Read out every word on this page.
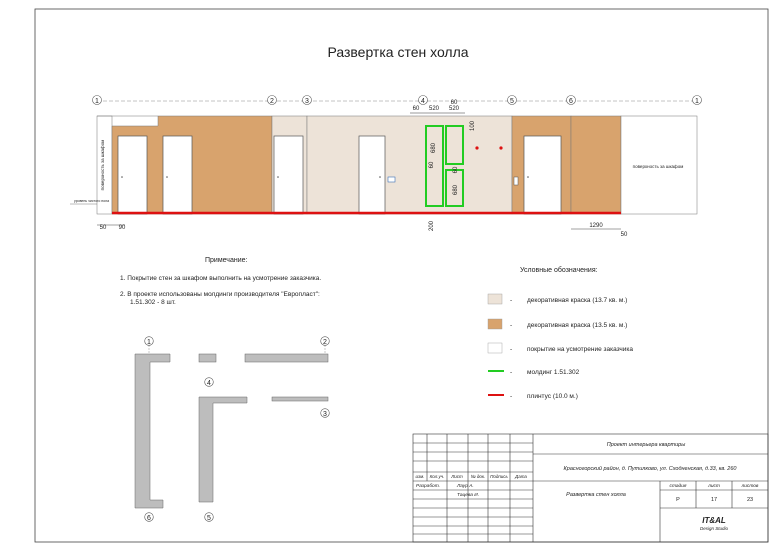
Развертка стен холла
1	2	3	4	5	6	1
60 520
60
520
680
60
60
680
100
поверхность за шкафом
уровень чистого пола
поверхность за шкафом
50 90	200	1290
50
Примечание:
1. Покрытие стен за шкафом выполнить на усмотрение заказчика.
2. В проекте использованы молдинги производителя "Европласт":
1.51.302 - 8 шт.
Условные обозначения:
- декоративная краска (13.7 кв. м.)
- декоративная краска (13.5 кв. м.)
- покрытие на усмотрение заказчика
- молдинг 1.51.302
- плинтус (10.0 м.)
1	2
4
3
6	5
Проект интерьера квартиры
Красногорский район, д. Путилково, ул. Сходненская, д.33, кв. 260
изм. Кол.уч. Лист № док. Подпись Дата
Разработ.	Лаур А.
Тацева И.	Развертка стен холла
стадия	лист	листов
Р	17	23
IT&AL
Design Studio
